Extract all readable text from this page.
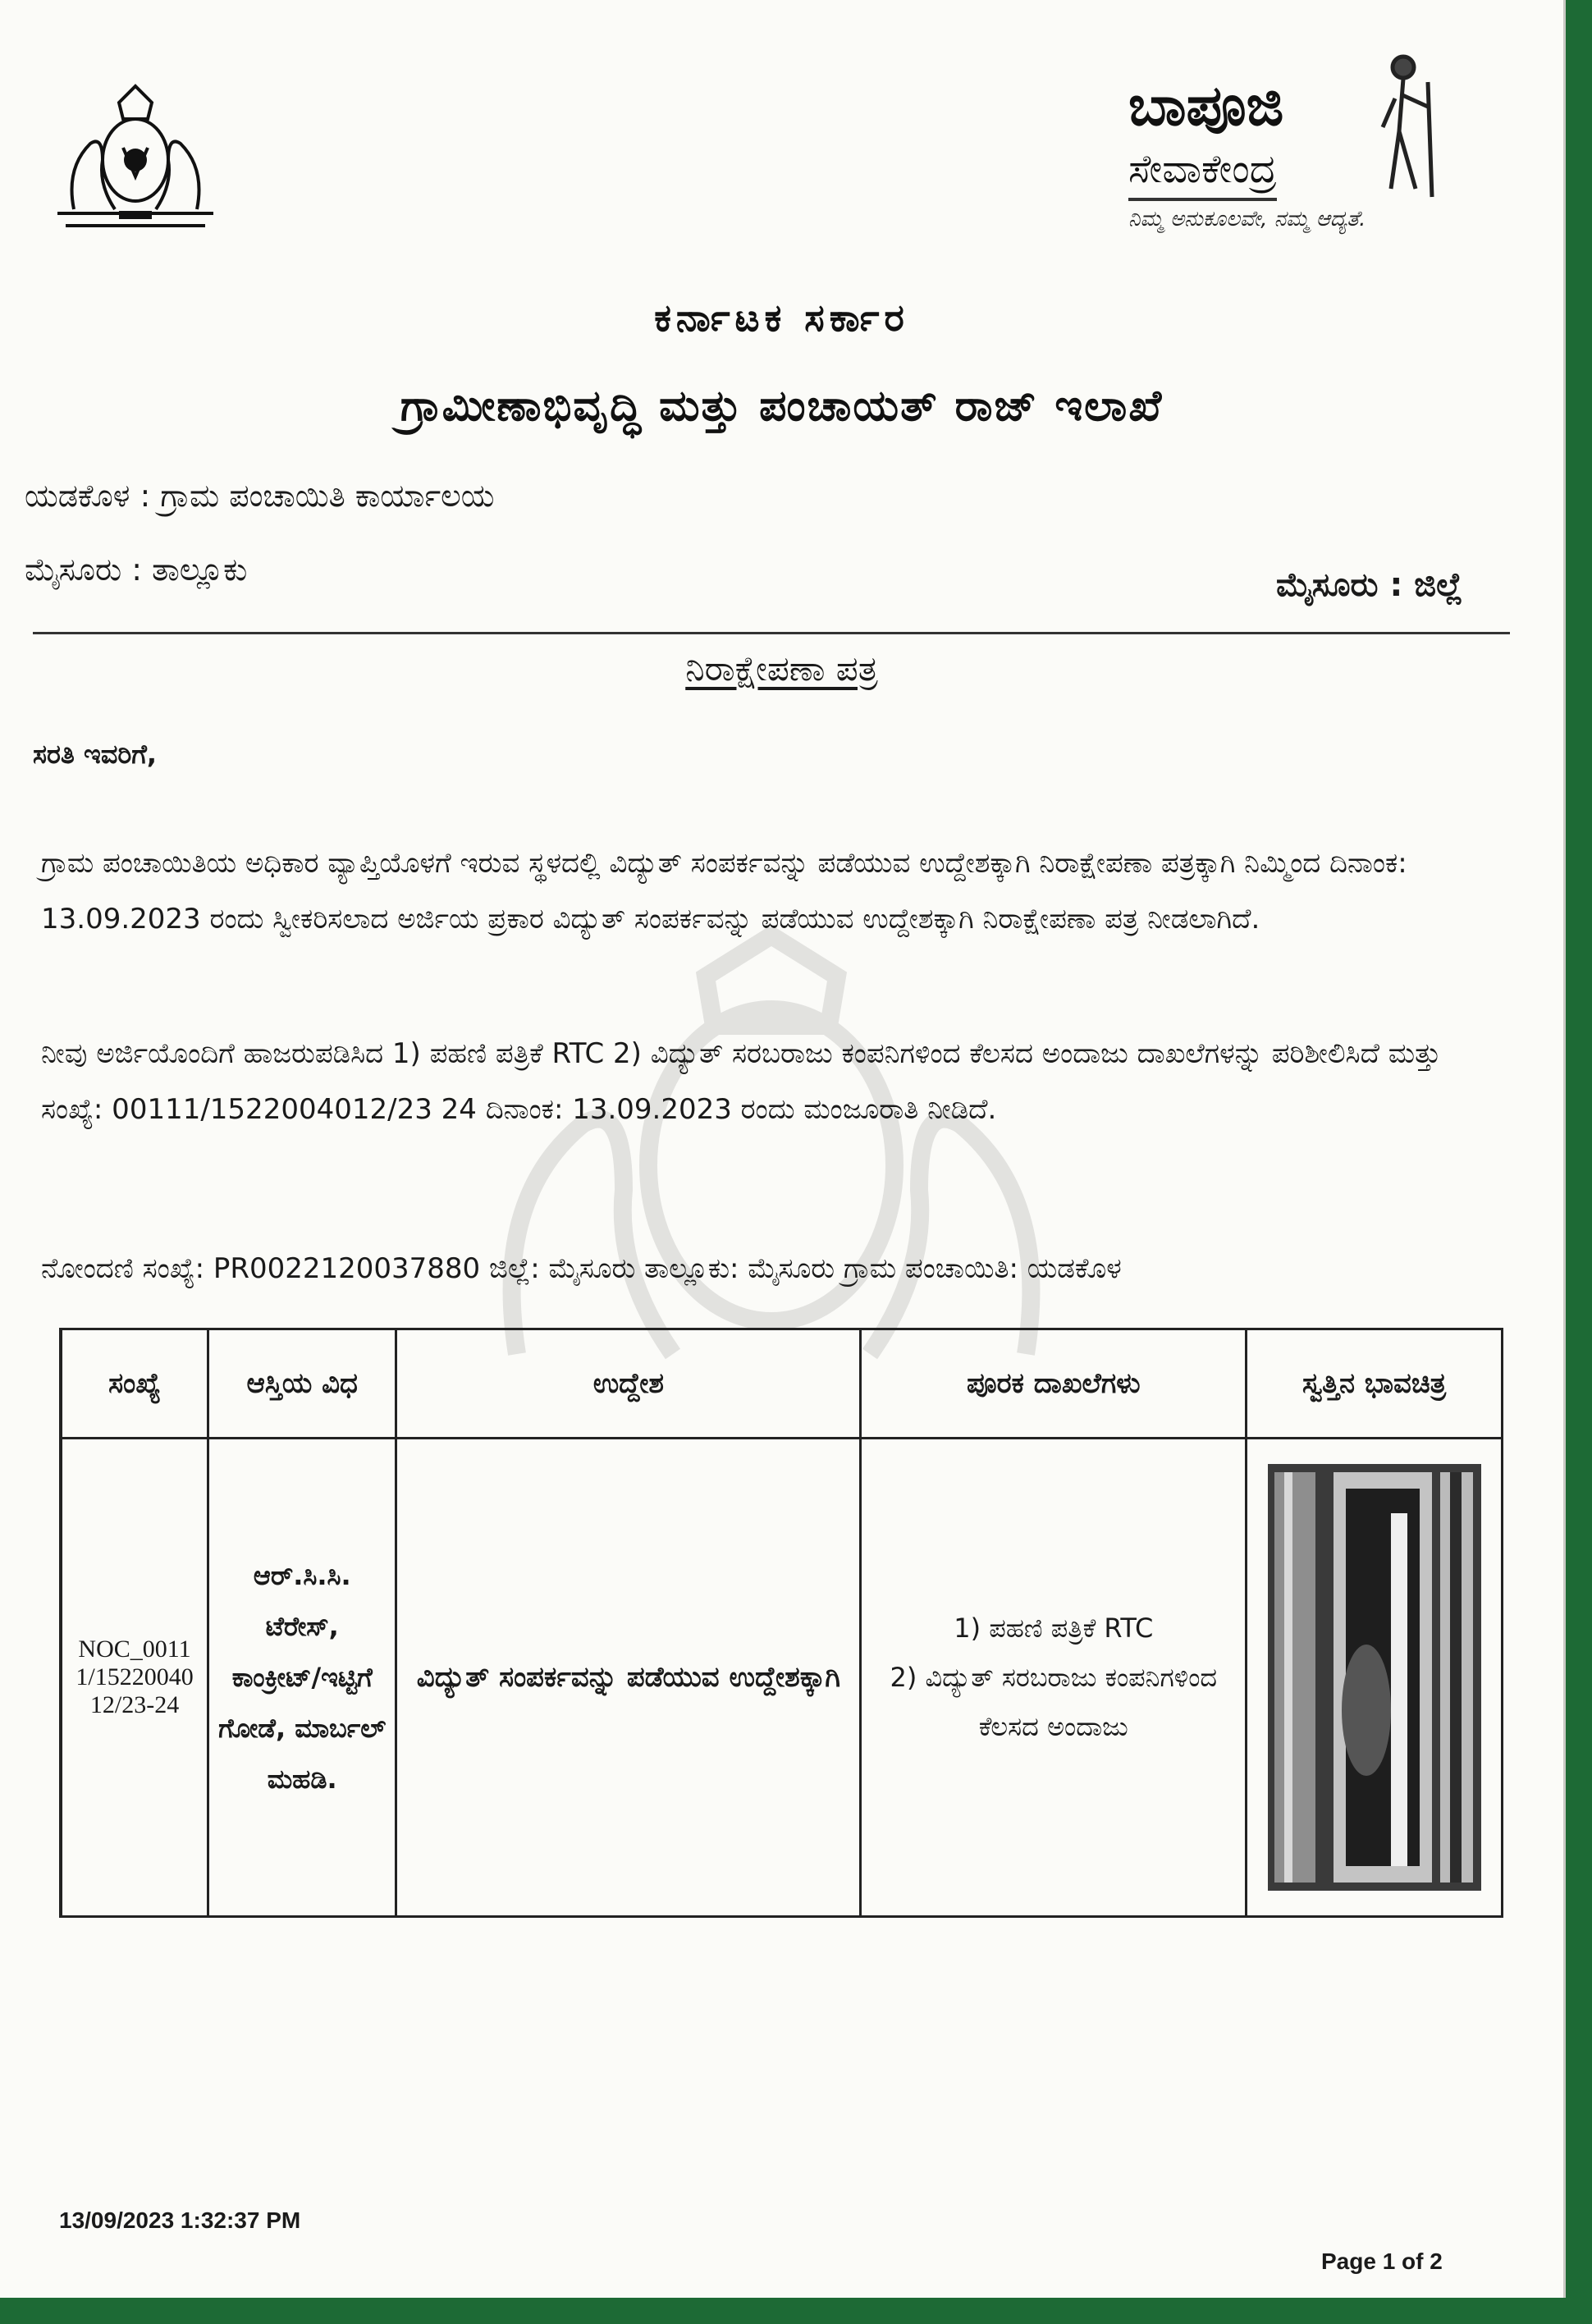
ಬಾಪೂಜಿ
ಸೇವಾಕೇಂದ್ರ
ನಿಮ್ಮ ಅನುಕೂಲವೇ, ನಮ್ಮ ಆದ್ಯತೆ.
ಕರ್ನಾಟಕ ಸರ್ಕಾರ
ಗ್ರಾಮೀಣಾಭಿವೃದ್ಧಿ ಮತ್ತು ಪಂಚಾಯತ್ ರಾಜ್ ಇಲಾಖೆ
ಯಡಕೊಳ : ಗ್ರಾಮ ಪಂಚಾಯಿತಿ ಕಾರ್ಯಾಲಯ
ಮೈಸೂರು : ತಾಲ್ಲೂಕು	ಮೈಸೂರು : ಜಿಲ್ಲೆ
ನಿರಾಕ್ಷೇಪಣಾ ಪತ್ರ
ಸರತಿ ಇವರಿಗೆ,
ಗ್ರಾಮ ಪಂಚಾಯಿತಿಯ ಅಧಿಕಾರ ವ್ಯಾಪ್ತಿಯೊಳಗೆ ಇರುವ ಸ್ಥಳದಲ್ಲಿ ವಿದ್ಯುತ್ ಸಂಪರ್ಕವನ್ನು ಪಡೆಯುವ ಉದ್ದೇಶಕ್ಕಾಗಿ ನಿರಾಕ್ಷೇಪಣಾ ಪತ್ರಕ್ಕಾಗಿ ನಿಮ್ಮಿಂದ ದಿನಾಂಕ: 13.09.2023 ರಂದು ಸ್ವೀಕರಿಸಲಾದ ಅರ್ಜಿಯ ಪ್ರಕಾರ ವಿದ್ಯುತ್ ಸಂಪರ್ಕವನ್ನು ಪಡೆಯುವ ಉದ್ದೇಶಕ್ಕಾಗಿ ನಿರಾಕ್ಷೇಪಣಾ ಪತ್ರ ನೀಡಲಾಗಿದೆ.
ನೀವು ಅರ್ಜಿಯೊಂದಿಗೆ ಹಾಜರುಪಡಿಸಿದ 1) ಪಹಣಿ ಪತ್ರಿಕೆ RTC 2) ವಿದ್ಯುತ್ ಸರಬರಾಜು ಕಂಪನಿಗಳಿಂದ ಕೆಲಸದ ಅಂದಾಜು ದಾಖಲೆಗಳನ್ನು ಪರಿಶೀಲಿಸಿದೆ ಮತ್ತು ಸಂಖ್ಯೆ: 00111/1522004012/23 24 ದಿನಾಂಕ: 13.09.2023 ರಂದು ಮಂಜೂರಾತಿ ನೀಡಿದೆ.
ನೋಂದಣಿ ಸಂಖ್ಯೆ: PR0022120037880 ಜಿಲ್ಲೆ: ಮೈಸೂರು ತಾಲ್ಲೂಕು: ಮೈಸೂರು ಗ್ರಾಮ ಪಂಚಾಯಿತಿ: ಯಡಕೊಳ
ಸಂಖ್ಯೆ	ಆಸ್ತಿಯ ವಿಧ	ಉದ್ದೇಶ	ಪೂರಕ ದಾಖಲೆಗಳು	ಸ್ವತ್ತಿನ ಭಾವಚಿತ್ರ
NOC_00111/1522004012/23-24	ಆರ್.ಸಿ.ಸಿ. ಟೆರೇಸ್, ಕಾಂಕ್ರೀಟ್/ಇಟ್ಟಿಗೆ ಗೋಡೆ, ಮಾರ್ಬಲ್ ಮಹಡಿ.	ವಿದ್ಯುತ್ ಸಂಪರ್ಕವನ್ನು ಪಡೆಯುವ ಉದ್ದೇಶಕ್ಕಾಗಿ	1) ಪಹಣಿ ಪತ್ರಿಕೆ RTC
2) ವಿದ್ಯುತ್ ಸರಬರಾಜು ಕಂಪನಿಗಳಿಂದ ಕೆಲಸದ ಅಂದಾಜು

13/09/2023 1:32:37 PM
Page 1 of 2
